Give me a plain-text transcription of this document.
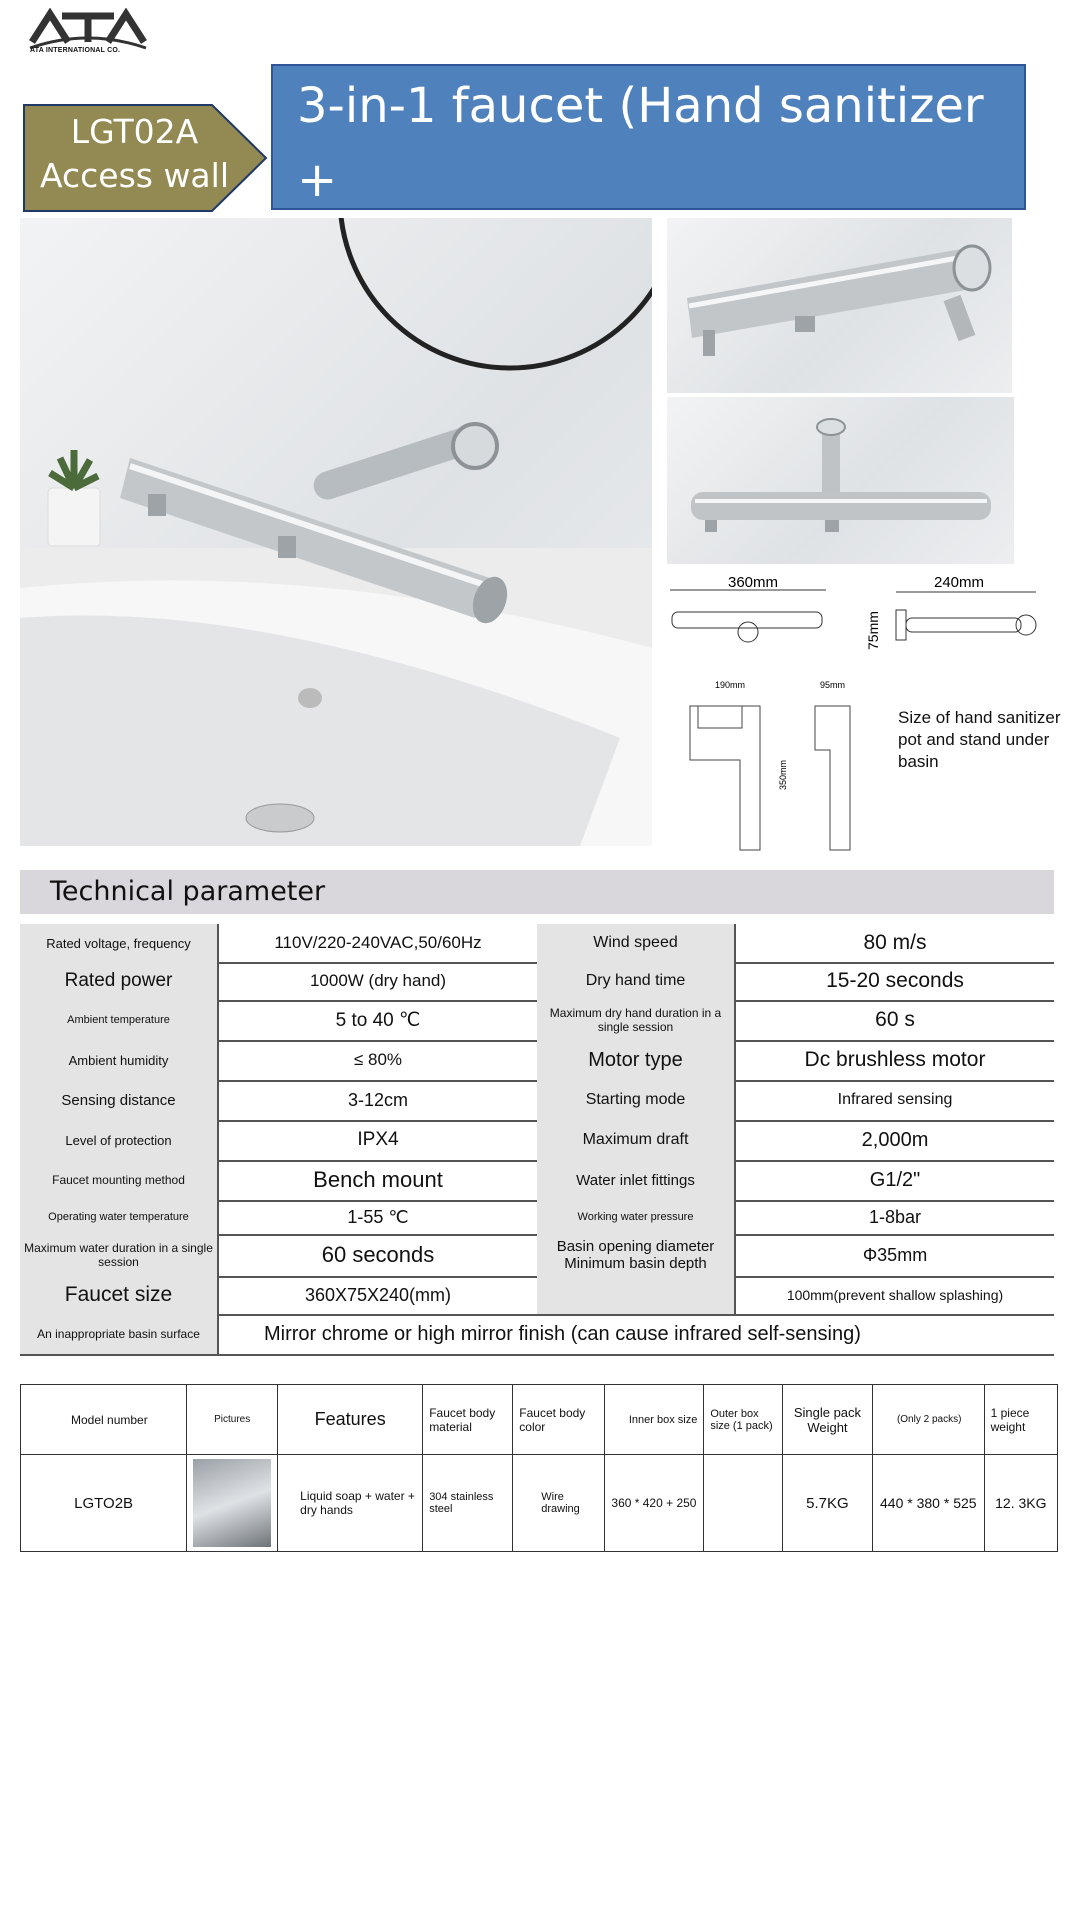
ATA INTERNATIONAL CO.
LGT02A
Access wall
3-in-1 faucet (Hand sanitizer +
360mm	240mm
75mm
190mm	95mm
350mm
Size of hand sanitizer pot and stand under basin
Technical parameter
Rated voltage, frequency	110V/220-240VAC,50/60Hz	Wind speed	80 m/s
Rated power	1000W (dry hand)	Dry hand time	15-20 seconds
Ambient temperature	5 to 40 ℃	Maximum dry hand duration in a single session	60 s
Ambient humidity	≤ 80%	Motor type	Dc brushless motor
Sensing distance	3-12cm	Starting mode	Infrared sensing
Level of protection	IPX4	Maximum draft	2,000m
Faucet mounting method	Bench mount	Water inlet fittings	G1/2"
Operating water temperature	1-55 ℃	Working water pressure	1-8bar
Maximum water duration in a single session	60 seconds	Basin opening diameter Minimum basin depth	Φ35mm
Faucet size	360X75X240(mm)	100mm(prevent shallow splashing)
An inappropriate basin surface	Mirror chrome or high mirror finish (can cause infrared self-sensing)
Model number	Pictures	Features	Faucet body material	Faucet body color	Inner box size	Outer box size (1 pack)	Single pack Weight	(Only 2 packs)	1 piece weight
LGTO2B		Liquid soap + water + dry hands	304 stainless steel	Wire drawing	360 * 420 + 250		5.7KG	440 * 380 * 525	12. 3KG
